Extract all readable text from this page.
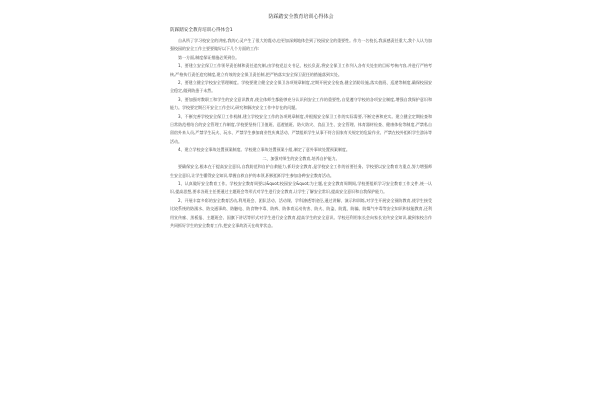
防踩踏安全教育培训心得体会
防踩踏安全教育培训心得体会1

自从所了学习校安全的讲座,我的心灵产生了很大的震动,也更加深刻地体会到了校园安全的重要性。作为一名校长,我深感责任重大,我个人认为加强校园的安全工作主要要做好以下几个方面的工作:

第一方面,制度保证措施必须到位。

1、要建立安全保卫工作领导责任制和责任追究制,由学校党总支书记、校长负责,将安全保卫工作列入各有关处室的目标考核内容,并进行严格考核,严格执行责任追究制度,建立有效的安全保卫责任制,把严格落实安全保卫责任的措施落到实处。

2、要建立健全学校安全管理制度。学校要建立健全安全保卫各项规章制度,定期开展安全检查,健全消防设施,落实值班、巡逻等制度,确保校园安全稳定,做到防患于未然。

3、要加强对教职工和学生的安全意识教育,使全体师生都能够充分认识到安全工作的重要性,自觉遵守学校的各项安全制度,增强自我保护意识和能力。学校要定期召开安全工作会议,研究和解决安全工作中存在的问题。

3、不断完善学校安全保卫工作机制,建立学校安全工作的各项规章制度,并根据安全保卫工作的实际需要,不断完善和充实。建立健全定期检查和日常防范相结合的安全管理工作制度,学校要坚持门卫值班、巡逻值班、防火防灾、食品卫生、安全管理、体育器材检查、健康体检等制度,严禁私自留宿外来人员,严禁学生玩火、玩水、严禁学生参加商业性庆典活动、严禁组织学生从事不符合国家有关规定的危险作业、严禁在校外组织学生游泳等活动。

4、建立学校安全事故处置预案制度。学校建立事故处置预案小组,制定了意外事故处置预案制度。

二、加强对师生的安全教育,培养自护能力。

要确保安全,根本在于提高安全意识,自我防范和自护自救能力,抓好安全教育,是学校安全工作的首要任务。学校要以安全教育为重点,努力增强师生安全意识,让学生懂得安全知识,掌握自救自护的本领,积极组织学生参加各种安全教育活动。

1、认真做好安全教育工作。学校安全教育周要以&quot;校园安全&quot;为主题,在安全教育周期间,学校要组织学习安全教育工作文件,统一认识,提高思想,要求各班主任要通过主题班会等形式对学生进行安全教育,让学生了解安全常识,提高安全意识和自我保护能力。

2、开展丰富多彩的安全教育活动,利用班会、团队活动、活动课、学科渗透等途径,通过讲解、演示和训练,对学生开展安全预防教育,使学生接受比较系统的防溺水、防交通事故、防触电、防食物中毒、防病、防体育运动伤害、防火、防盗、防震、防骗、防煤气中毒等安全知识和技能教育,还利用宣传廊、黑板报、主题班会、国旗下讲话等形式对学生进行安全教育,提高学生的安全意识。学校还利用家长会向家长宣传安全知识,做到家校合作共同抓好学生的安全教育工作,把安全事故消灭在萌芽状态。
